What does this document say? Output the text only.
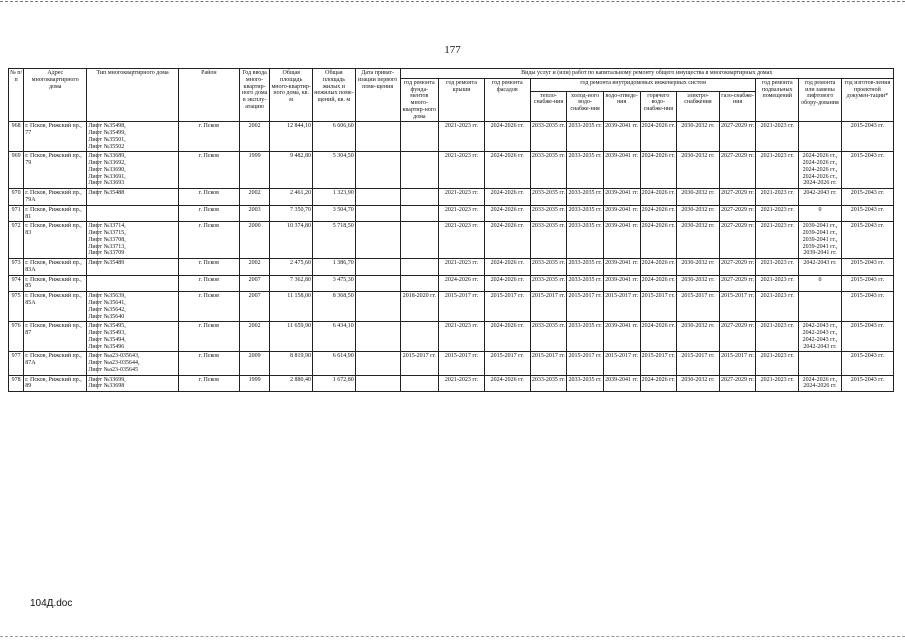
177
№ п/п	Адрес многоквартирного дома	Тип многоквартирного дома	Район	Год ввода много-квартир-ного дома в эксплу-атацию	Общая площадь много-квартир-ного дома, кв. м	Общая площадь жилых и нежилых поме-щений, кв. м	Дата приват-изации первого поме-щения	Виды услуг и (или) работ по капитальному ремонту общего имущества в многоквартирных домах											
								год ремонта фунда-ментов много-квартир-ного дома	год ремонта крыши	год ремонта фасадов	год ремонта внутридомовых инженерных систем						год ремонта подвальных помещений	год ремонта или замены лифтового обору-дования	год изготов-ления проектной докумен-тации*
											тепло-снабже-ния	холод-ного водо-снабже-ния	водо-отведе-ния	горячего водо-снабже-ния	электро-снабжения	газо-снабже-ния			
968	г. Псков, Рижский пр., 77	Лифт №35498,
Лифт №35499,
Лифт №35501,
Лифт №35502	г. Псков	2002	12 844,10	6 606,60			2021-2023 гг.	2024-2026 гг.	2033-2035 гг.	2033-2035 гг.	2039-2041 гг.	2024-2026 гг.	2030-2032 гг.	2027-2029 гг.	2021-2023 гг.		2015-2043 гг.
969	г. Псков, Рижский пр., 79	Лифт №33689,
Лифт №33692,
Лифт №33690,
Лифт №33691,
Лифт №33693	г. Псков	1999	9 482,80	5 304,50			2021-2023 гг.	2024-2026 гг.	2033-2035 гг.	2033-2035 гг.	2039-2041 гг.	2024-2026 гг.	2030-2032 гг.	2027-2029 гг.	2021-2023 гг.	2024-2026 гг., 2024-2026 гг., 2024-2026 гг., 2024-2026 гг., 2024-2026 гг.	2015-2043 гг.
970	г. Псков, Рижский пр., 79А	Лифт №35488	г. Псков	2002	2 461,20	1 323,90			2021-2023 гг.	2024-2026 гг.	2033-2035 гг.	2033-2035 гг.	2039-2041 гг.	2024-2026 гг.	2030-2032 гг.	2027-2029 гг.	2021-2023 гг.	2042-2043 гг.	2015-2043 гг.
971	г. Псков, Рижский пр., 81		г. Псков	2003	7 350,70	3 504,70			2021-2023 гг.	2024-2026 гг.	2033-2035 гг.	2033-2035 гг.	2039-2041 гг.	2024-2026 гг.	2030-2032 гг.	2027-2029 гг.	2021-2023 гг.	0	2015-2043 гг.
972	г. Псков, Рижский пр., 83	Лифт №33714,
Лифт №33715,
Лифт №33708,
Лифт №33713,
Лифт №33709	г. Псков	2000	10 374,80	5 718,50			2021-2023 гг.	2024-2026 гг.	2033-2035 гг.	2033-2035 гг.	2039-2041 гг.	2024-2026 гг.	2030-2032 гг.	2027-2029 гг.	2021-2023 гг.	2039-2041 гг., 2039-2041 гг., 2039-2041 гг., 2039-2041 гг., 2039-2041 гг.	2015-2043 гг.
973	г. Псков, Рижский пр., 83А	Лифт №35489	г. Псков	2002	2 475,60	1 386,70			2021-2023 гг.	2024-2026 гг.	2033-2035 гг.	2033-2035 гг.	2039-2041 гг.	2024-2026 гг.	2030-2032 гг.	2027-2029 гг.	2021-2023 гг.	2042-2043 гг.	2015-2043 гг.
974	г. Псков, Рижский пр., 85		г. Псков	2007	7 362,80	3 475,30			2024-2026 гг.	2024-2026 гг.	2033-2035 гг.	2033-2035 гг.	2039-2041 гг.	2024-2026 гг.	2030-2032 гг.	2027-2029 гг.	2021-2023 гг.	0	2015-2043 гг.
975	г. Псков, Рижский пр., 85А	Лифт №35639,
Лифт №35641,
Лифт №35642,
Лифт №35640	г. Псков	2007	11 158,00	8 368,50		2018-2020 гг.	2015-2017 гг.	2015-2017 гг.	2015-2017 гг.	2015-2017 гг.	2015-2017 гг.	2015-2017 гг.	2015-2017 гг.	2015-2017 гг.	2021-2023 гг.		2015-2043 гг.
976	г. Псков, Рижский пр., 87	Лифт №35495,
Лифт №35493,
Лифт №35494,
Лифт №35496	г. Псков	2002	11 659,90	6 434,10			2021-2023 гг.	2024-2026 гг.	2033-2035 гг.	2033-2035 гг.	2039-2041 гг.	2024-2026 гг.	2030-2032 гг.	2027-2029 гг.	2021-2023 гг.	2042-2043 гг., 2042-2043 гг., 2042-2043 гг., 2042-2043 гг.	2015-2043 гг.
977	г. Псков, Рижский пр., 87А	Лифт №а23-035643,
Лифт №а23-035644,
Лифт №а23-035645	г. Псков	2009	8 819,90	6 614,90		2015-2017 гг.	2015-2017 гг.	2015-2017 гг.	2015-2017 гг.	2015-2017 гг.	2015-2017 гг.	2015-2017 гг.	2015-2017 гг.	2015-2017 гг.	2021-2023 гг.		2015-2043 гг.
978	г. Псков, Рижский пр., 89	Лифт №33699,
Лифт №33698	г. Псков	1999	2 880,40	1 672,80			2021-2023 гг.	2024-2026 гг.	2033-2035 гг.	2033-2035 гг.	2039-2041 гг.	2024-2026 гг.	2030-2032 гг.	2027-2029 гг.	2021-2023 гг.	2024-2026 гг., 2024-2026 гг.	2015-2043 гг.
104Д.doc
